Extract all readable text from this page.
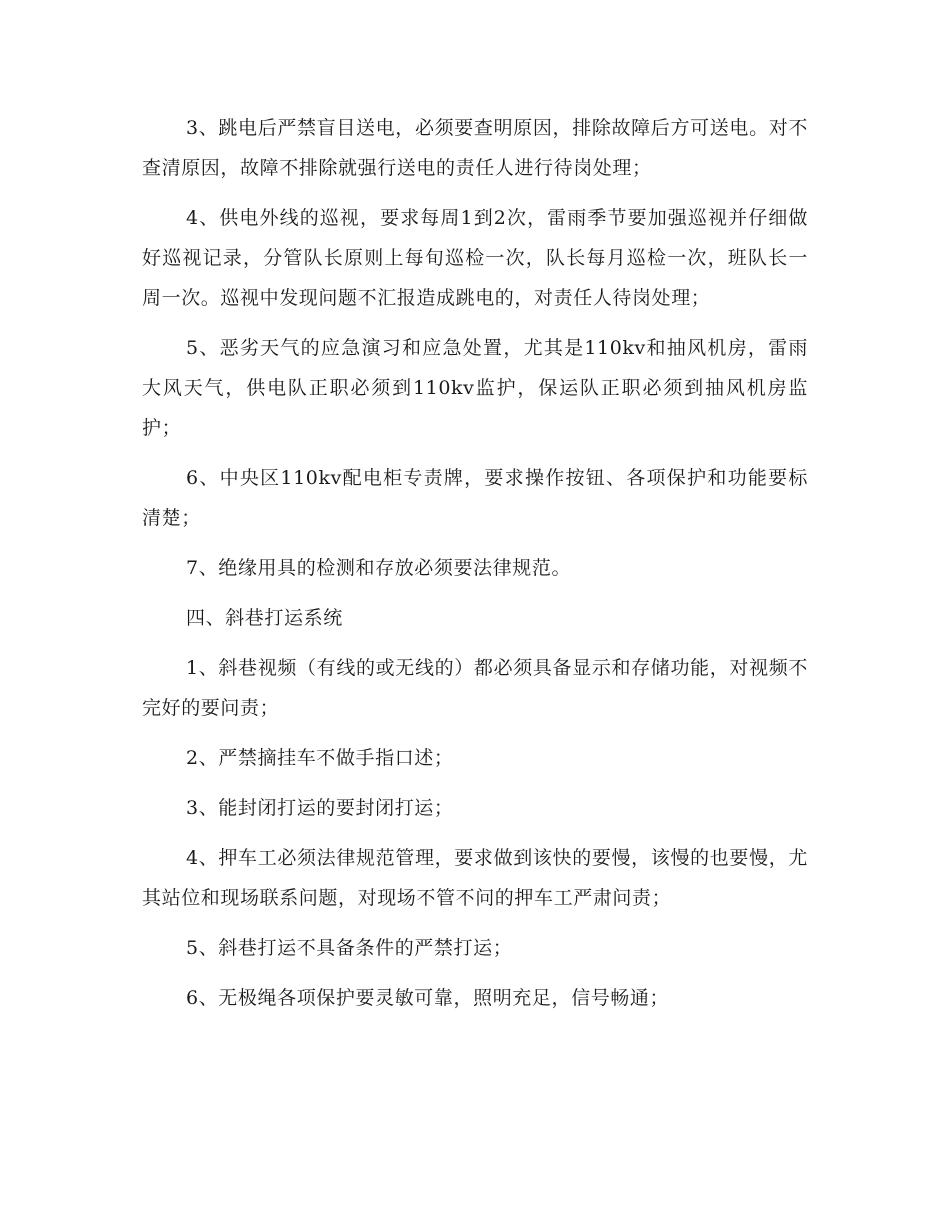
3、跳电后严禁盲目送电，必须要查明原因，排除故障后方可送电。对不查清原因，故障不排除就强行送电的责任人进行待岗处理；

4、供电外线的巡视，要求每周1到2次，雷雨季节要加强巡视并仔细做好巡视记录，分管队长原则上每旬巡检一次，队长每月巡检一次，班队长一周一次。巡视中发现问题不汇报造成跳电的，对责任人待岗处理；

5、恶劣天气的应急演习和应急处置，尤其是110kv和抽风机房，雷雨大风天气，供电队正职必须到110kv监护，保运队正职必须到抽风机房监护；

6、中央区110kv配电柜专责牌，要求操作按钮、各项保护和功能要标清楚；

7、绝缘用具的检测和存放必须要法律规范。

四、斜巷打运系统

1、斜巷视频（有线的或无线的）都必须具备显示和存储功能，对视频不完好的要问责；

2、严禁摘挂车不做手指口述；

3、能封闭打运的要封闭打运；

4、押车工必须法律规范管理，要求做到该快的要慢，该慢的也要慢，尤其站位和现场联系问题，对现场不管不问的押车工严肃问责；

5、斜巷打运不具备条件的严禁打运；

6、无极绳各项保护要灵敏可靠，照明充足，信号畅通；
